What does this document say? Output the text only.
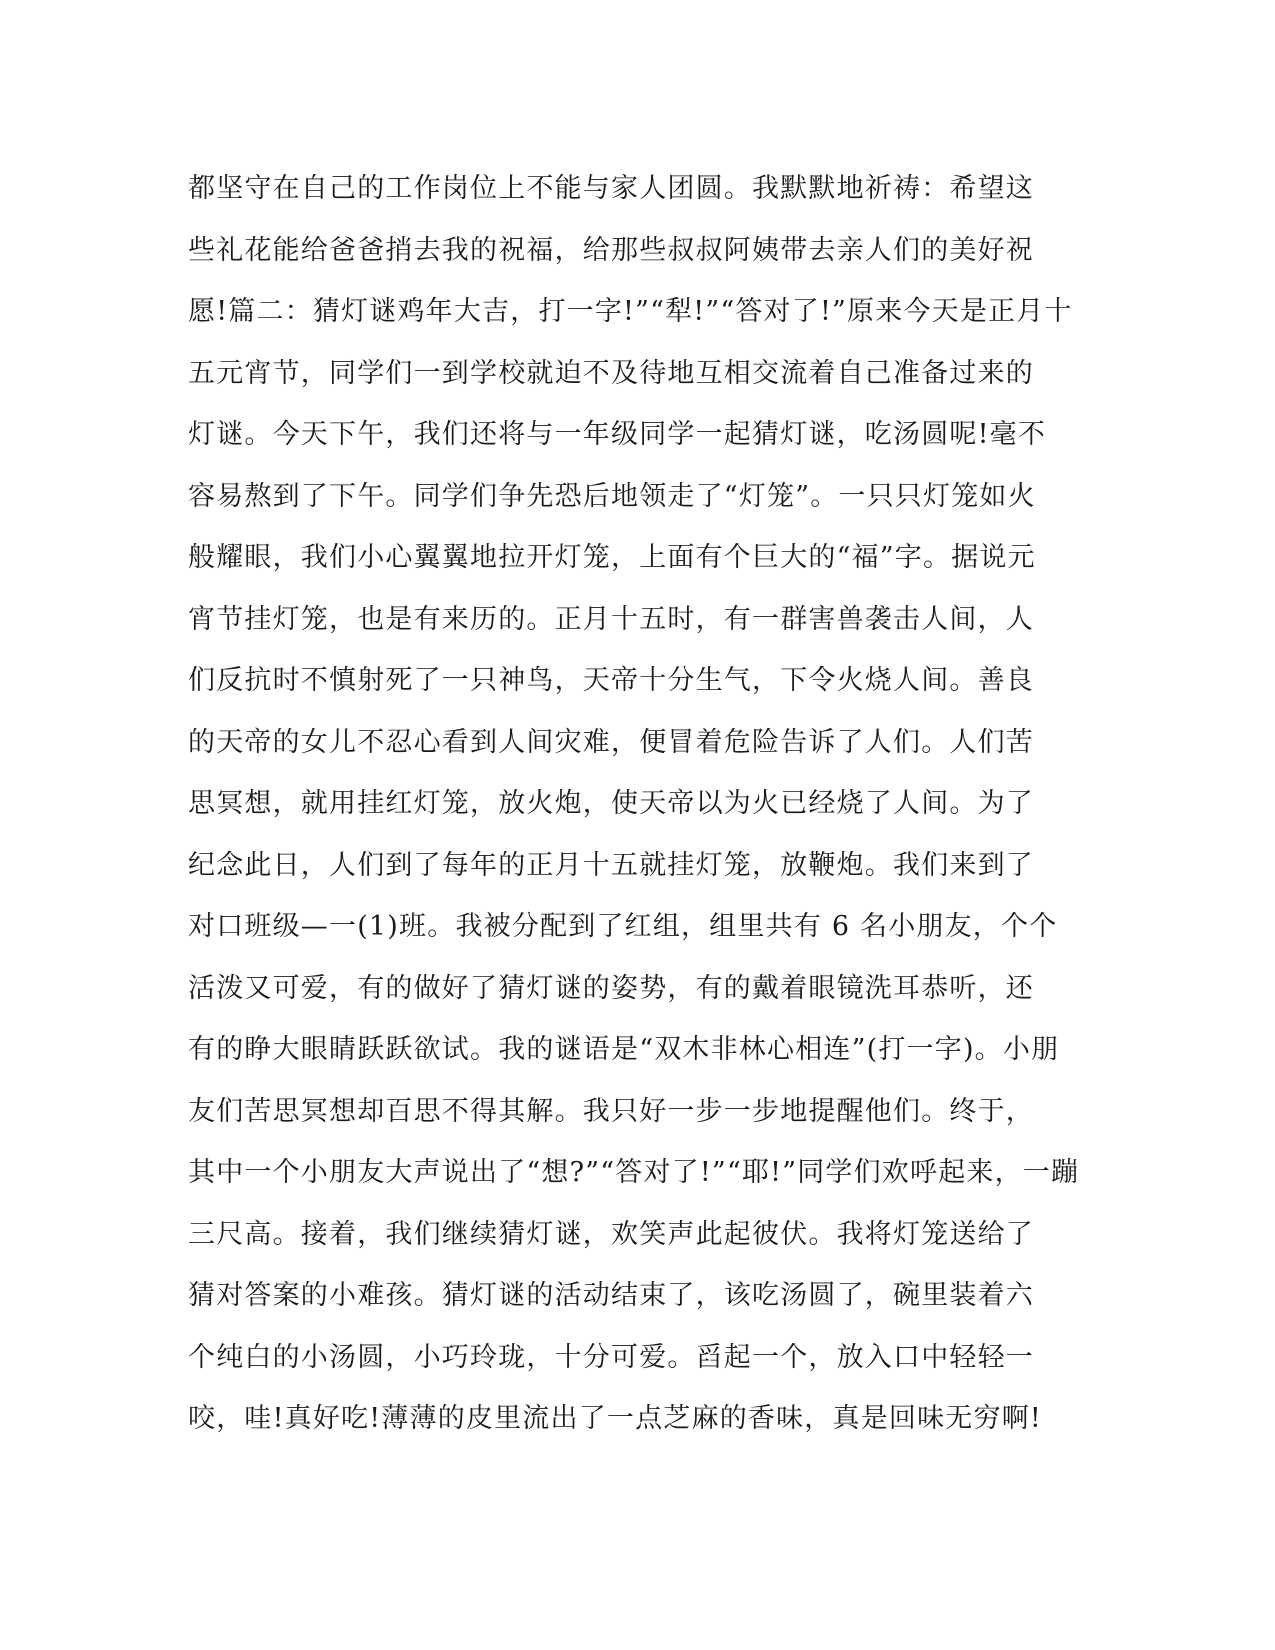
都坚守在自己的工作岗位上不能与家人团圆。我默默地祈祷：希望这
些礼花能给爸爸捎去我的祝福，给那些叔叔阿姨带去亲人们的美好祝
愿!篇二：猜灯谜鸡年大吉，打一字!”“犁!”“答对了!”原来今天是正月十
五元宵节，同学们一到学校就迫不及待地互相交流着自己准备过来的
灯谜。今天下午，我们还将与一年级同学一起猜灯谜，吃汤圆呢!毫不
容易熬到了下午。同学们争先恐后地领走了“灯笼”。一只只灯笼如火
般耀眼，我们小心翼翼地拉开灯笼，上面有个巨大的“福”字。据说元
宵节挂灯笼，也是有来历的。正月十五时，有一群害兽袭击人间，人
们反抗时不慎射死了一只神鸟，天帝十分生气，下令火烧人间。善良
的天帝的女儿不忍心看到人间灾难，便冒着危险告诉了人们。人们苦
思冥想，就用挂红灯笼，放火炮，使天帝以为火已经烧了人间。为了
纪念此日，人们到了每年的正月十五就挂灯笼，放鞭炮。我们来到了
对口班级—一(1)班。我被分配到了红组，组里共有 6 名小朋友，个个
活泼又可爱，有的做好了猜灯谜的姿势，有的戴着眼镜洗耳恭听，还
有的睁大眼睛跃跃欲试。我的谜语是“双木非林心相连”(打一字)。小朋
友们苦思冥想却百思不得其解。我只好一步一步地提醒他们。终于，
其中一个小朋友大声说出了“想?”“答对了!”“耶!”同学们欢呼起来，一蹦
三尺高。接着，我们继续猜灯谜，欢笑声此起彼伏。我将灯笼送给了
猜对答案的小难孩。猜灯谜的活动结束了，该吃汤圆了，碗里装着六
个纯白的小汤圆，小巧玲珑，十分可爱。舀起一个，放入口中轻轻一
咬，哇!真好吃!薄薄的皮里流出了一点芝麻的香味，真是回味无穷啊!
